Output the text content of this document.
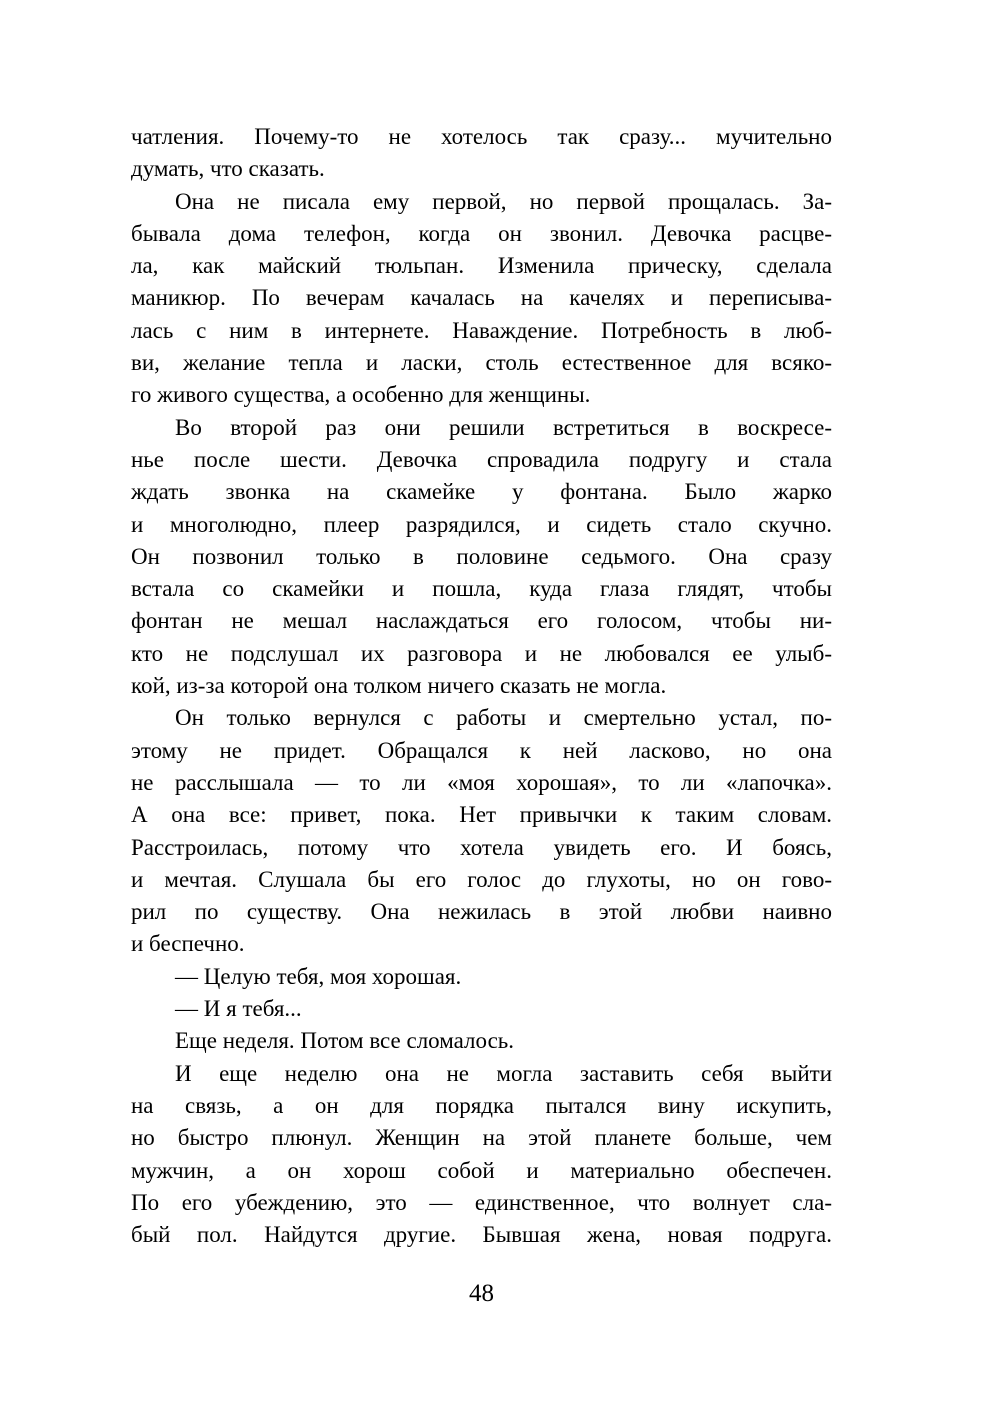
чатления. Почему-то не хотелось так сразу... мучительно
думать, что сказать.
Она не писала ему первой, но первой прощалась. За-
бывала дома телефон, когда он звонил. Девочка расцве-
ла, как майский тюльпан. Изменила прическу, сделала
маникюр. По вечерам качалась на качелях и переписыва-
лась с ним в интернете. Наваждение. Потребность в люб-
ви, желание тепла и ласки, столь естественное для всяко-
го живого существа, а особенно для женщины.
Во второй раз они решили встретиться в воскресе-
нье после шести. Девочка спровадила подругу и стала
ждать звонка на скамейке у фонтана. Было жарко
и многолюдно, плеер разрядился, и сидеть стало скучно.
Он позвонил только в половине седьмого. Она сразу
встала со скамейки и пошла, куда глаза глядят, чтобы
фонтан не мешал наслаждаться его голосом, чтобы ни-
кто не подслушал их разговора и не любовался ее улыб-
кой, из-за которой она толком ничего сказать не могла.
Он только вернулся с работы и смертельно устал, по-
этому не придет. Обращался к ней ласково, но она
не расслышала — то ли «моя хорошая», то ли «лапочка».
А она все: привет, пока. Нет привычки к таким словам.
Расстроилась, потому что хотела увидеть его. И боясь,
и мечтая. Слушала бы его голос до глухоты, но он гово-
рил по существу. Она нежилась в этой любви наивно
и беспечно.
— Целую тебя, моя хорошая.
— И я тебя...
Еще неделя. Потом все сломалось.
И еще неделю она не могла заставить себя выйти
на связь, а он для порядка пытался вину искупить,
но быстро плюнул. Женщин на этой планете больше, чем
мужчин, а он хорош собой и материально обеспечен.
По его убеждению, это — единственное, что волнует сла-
бый пол. Найдутся другие. Бывшая жена, новая подруга.
48
